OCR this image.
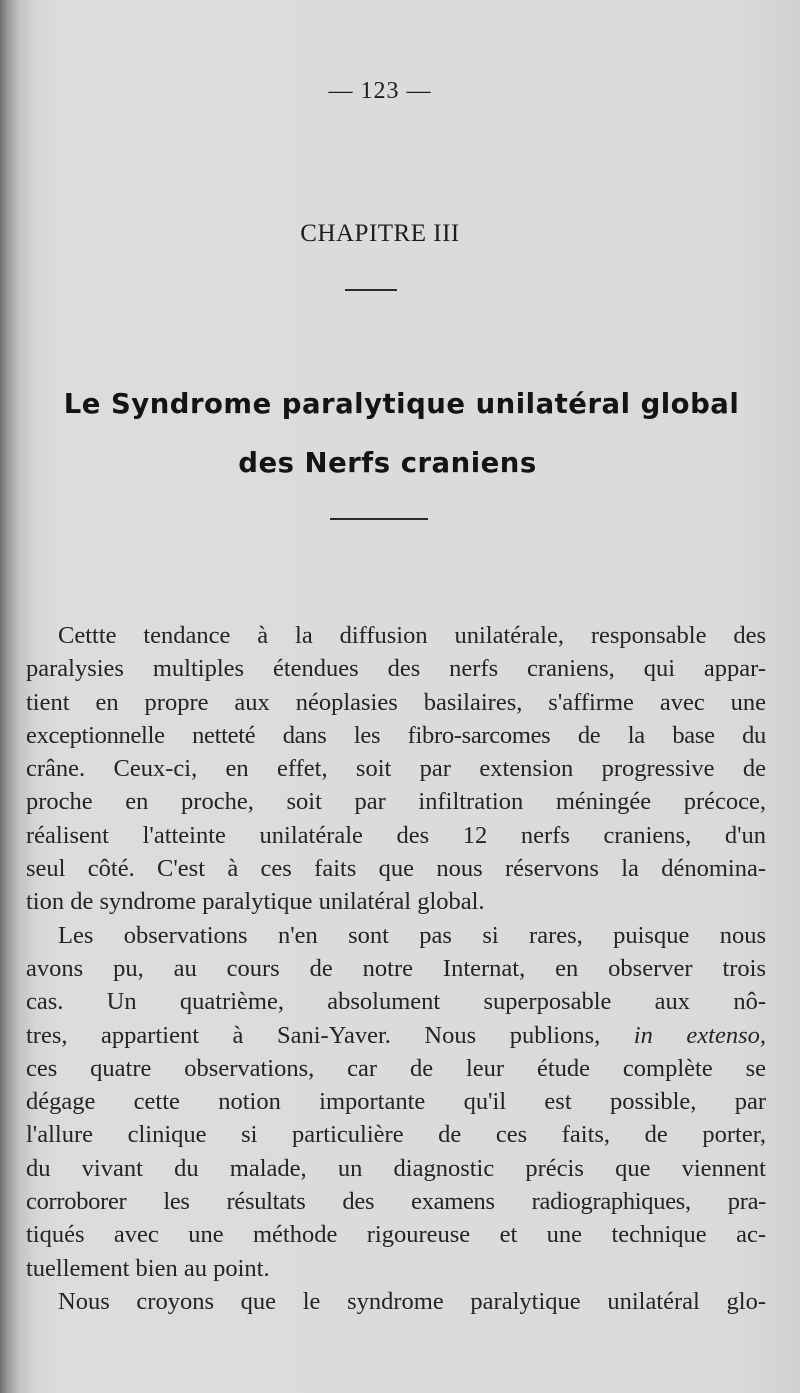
— 123 —
CHAPITRE III
Le Syndrome paralytique unilatéral global
des Nerfs craniens
Cettte tendance à la diffusion unilatérale, responsable des
paralysies multiples étendues des nerfs craniens, qui appar-
tient en propre aux néoplasies basilaires, s'affirme avec une
exceptionnelle netteté dans les fibro-sarcomes de la base du
crâne. Ceux-ci, en effet, soit par extension progressive de
proche en proche, soit par infiltration méningée précoce,
réalisent l'atteinte unilatérale des 12 nerfs craniens, d'un
seul côté. C'est à ces faits que nous réservons la dénomina-
tion de syndrome paralytique unilatéral global.
Les observations n'en sont pas si rares, puisque nous
avons pu, au cours de notre Internat, en observer trois
cas. Un quatrième, absolument superposable aux nô-
tres, appartient à Sani-Yaver. Nous publions, in extenso,
ces quatre observations, car de leur étude complète se
dégage cette notion importante qu'il est possible, par
l'allure clinique si particulière de ces faits, de porter,
du vivant du malade, un diagnostic précis que viennent
corroborer les résultats des examens radiographiques, pra-
tiqués avec une méthode rigoureuse et une technique ac-
tuellement bien au point.
Nous croyons que le syndrome paralytique unilatéral glo-
